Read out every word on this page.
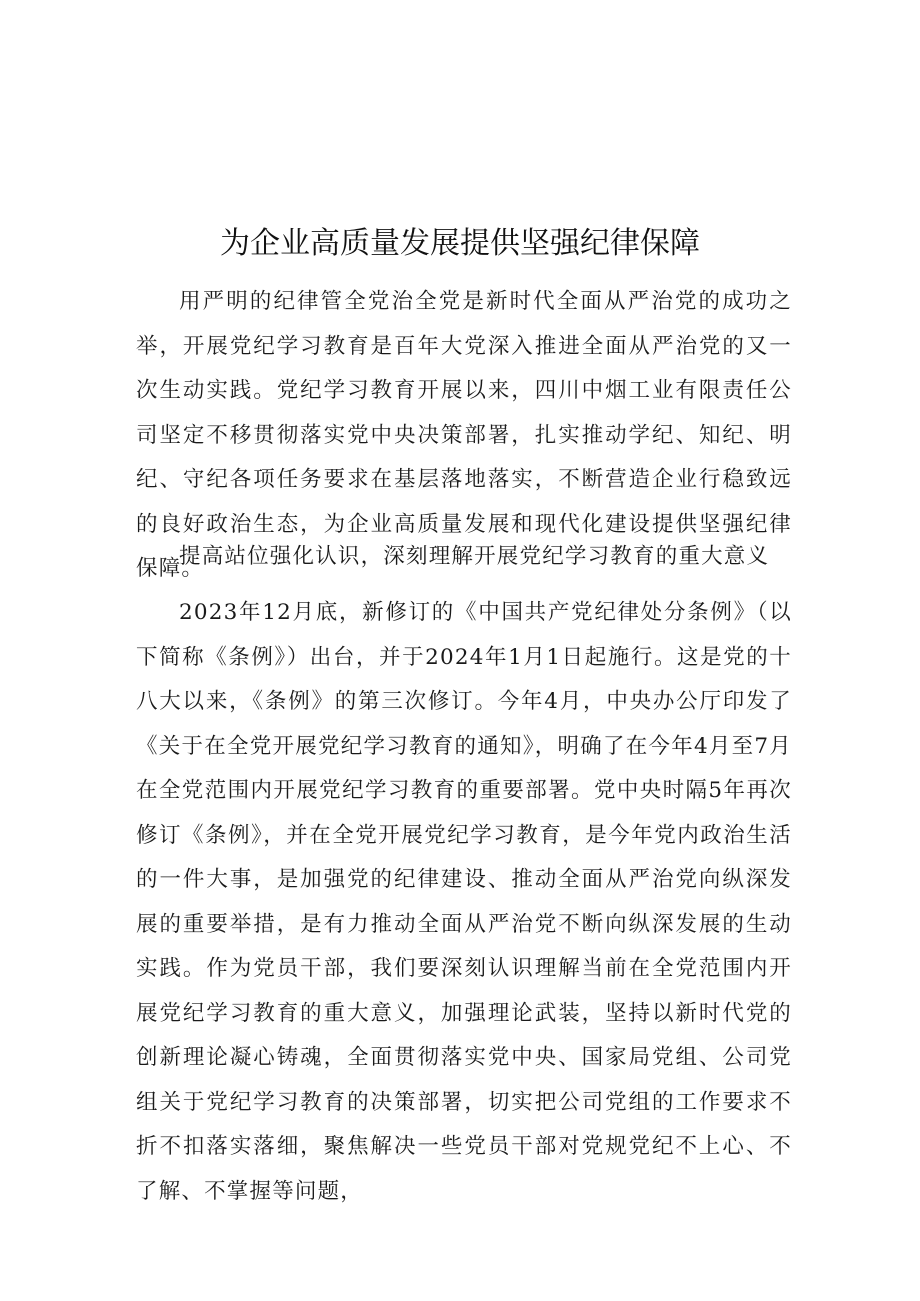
为企业高质量发展提供坚强纪律保障

用严明的纪律管全党治全党是新时代全面从严治党的成功之举，开展党纪学习教育是百年大党深入推进全面从严治党的又一次生动实践。党纪学习教育开展以来，四川中烟工业有限责任公司坚定不移贯彻落实党中央决策部署，扎实推动学纪、知纪、明纪、守纪各项任务要求在基层落地落实，不断营造企业行稳致远的良好政治生态，为企业高质量发展和现代化建设提供坚强纪律保障。

提高站位强化认识，深刻理解开展党纪学习教育的重大意义

2023年12月底，新修订的《中国共产党纪律处分条例》（以下简称《条例》）出台，并于2024年1月1日起施行。这是党的十八大以来，《条例》的第三次修订。今年4月，中央办公厅印发了《关于在全党开展党纪学习教育的通知》，明确了在今年4月至7月在全党范围内开展党纪学习教育的重要部署。党中央时隔5年再次修订《条例》，并在全党开展党纪学习教育，是今年党内政治生活的一件大事，是加强党的纪律建设、推动全面从严治党向纵深发展的重要举措，是有力推动全面从严治党不断向纵深发展的生动实践。作为党员干部，我们要深刻认识理解当前在全党范围内开展党纪学习教育的重大意义，加强理论武装，坚持以新时代党的创新理论凝心铸魂，全面贯彻落实党中央、国家局党组、公司党组关于党纪学习教育的决策部署，切实把公司党组的工作要求不折不扣落实落细，聚焦解决一些党员干部对党规党纪不上心、不了解、不掌握等问题，
